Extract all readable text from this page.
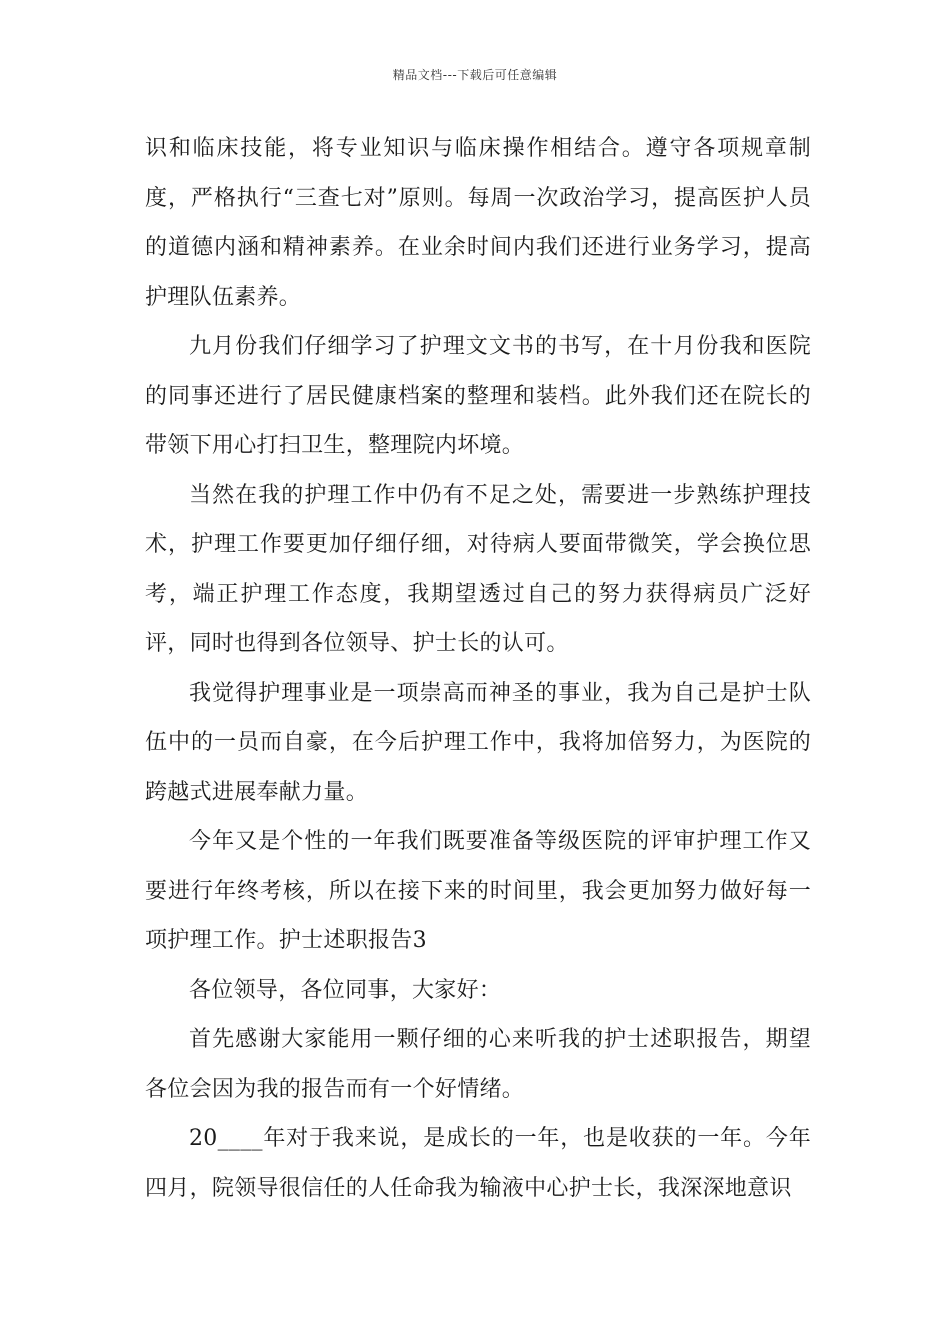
精品文档---下载后可任意编辑

识和临床技能，将专业知识与临床操作相结合。遵守各项规章制度，严格执行“三查七对”原则。每周一次政治学习，提高医护人员的道德内涵和精神素养。在业余时间内我们还进行业务学习，提高护理队伍素养。

九月份我们仔细学习了护理文文书的书写，在十月份我和医院的同事还进行了居民健康档案的整理和装档。此外我们还在院长的带领下用心打扫卫生，整理院内坏境。

当然在我的护理工作中仍有不足之处，需要进一步熟练护理技术，护理工作要更加仔细仔细，对待病人要面带微笑，学会换位思考，端正护理工作态度，我期望透过自己的努力获得病员广泛好评，同时也得到各位领导、护士长的认可。

我觉得护理事业是一项崇高而神圣的事业，我为自己是护士队伍中的一员而自豪，在今后护理工作中，我将加倍努力，为医院的跨越式进展奉献力量。

今年又是个性的一年我们既要准备等级医院的评审护理工作又要进行年终考核，所以在接下来的时间里，我会更加努力做好每一项护理工作。护士述职报告3

各位领导，各位同事，大家好：

首先感谢大家能用一颗仔细的心来听我的护士述职报告，期望各位会因为我的报告而有一个好情绪。

20____年对于我来说，是成长的一年，也是收获的一年。今年四月，院领导很信任的人任命我为输液中心护士长，我深深地意识
